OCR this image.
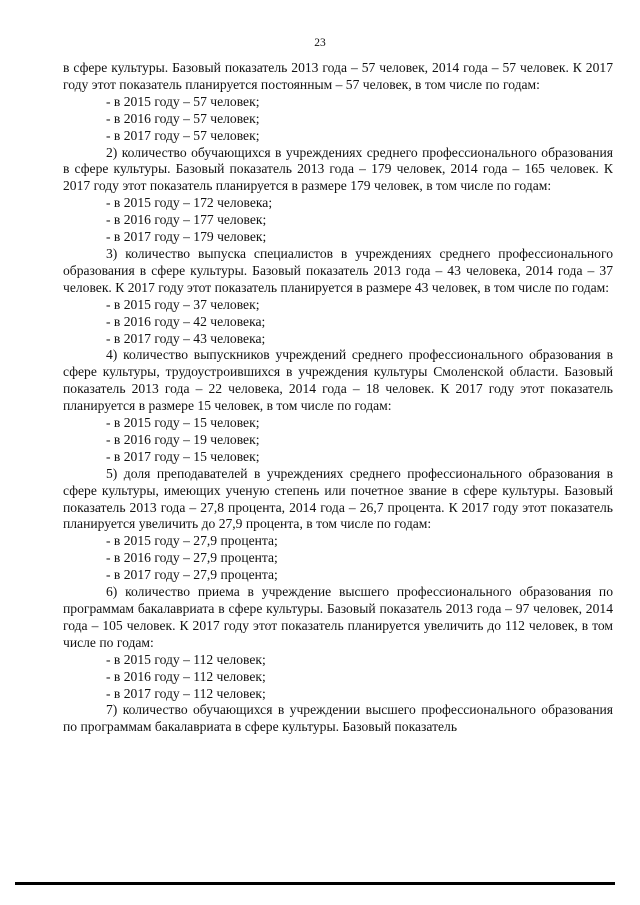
23

в сфере культуры. Базовый показатель 2013 года – 57 человек, 2014 года – 57 человек. К 2017 году этот показатель планируется постоянным – 57 человек, в том числе по годам:

- в 2015 году – 57 человек;
- в 2016 году – 57 человек;
- в 2017 году – 57 человек;

2) количество обучающихся в учреждениях среднего профессионального образования в сфере культуры. Базовый показатель 2013 года – 179 человек, 2014 года – 165 человек. К 2017 году этот показатель планируется в размере 179 человек, в том числе по годам:

- в 2015 году – 172 человека;
- в 2016 году – 177 человек;
- в 2017 году – 179 человек;

3) количество выпуска специалистов в учреждениях среднего профессионального образования в сфере культуры. Базовый показатель 2013 года – 43 человека, 2014 года – 37 человек. К 2017 году этот показатель планируется в размере 43 человек, в том числе по годам:

- в 2015 году – 37 человек;
- в 2016 году – 42 человека;
- в 2017 году – 43 человека;

4) количество выпускников учреждений среднего профессионального образования в сфере культуры, трудоустроившихся в учреждения культуры Смоленской области. Базовый показатель 2013 года – 22 человека, 2014 года – 18 человек. К 2017 году этот показатель планируется в размере 15 человек, в том числе по годам:

- в 2015 году – 15 человек;
- в 2016 году – 19 человек;
- в 2017 году – 15 человек;

5) доля преподавателей в учреждениях среднего профессионального образования в сфере культуры, имеющих ученую степень или почетное звание в сфере культуры. Базовый показатель 2013 года – 27,8 процента, 2014 года – 26,7 процента. К 2017 году этот показатель планируется увеличить до 27,9 процента, в том числе по годам:

- в 2015 году – 27,9 процента;
- в 2016 году – 27,9 процента;
- в 2017 году – 27,9 процента;

6) количество приема в учреждение высшего профессионального образования по программам бакалавриата в сфере культуры. Базовый показатель 2013 года – 97 человек, 2014 года – 105 человек. К 2017 году этот показатель планируется увеличить до 112 человек, в том числе по годам:

- в 2015 году – 112 человек;
- в 2016 году – 112 человек;
- в 2017 году – 112 человек;

7) количество обучающихся в учреждении высшего профессионального образования по программам бакалавриата в сфере культуры. Базовый показатель
